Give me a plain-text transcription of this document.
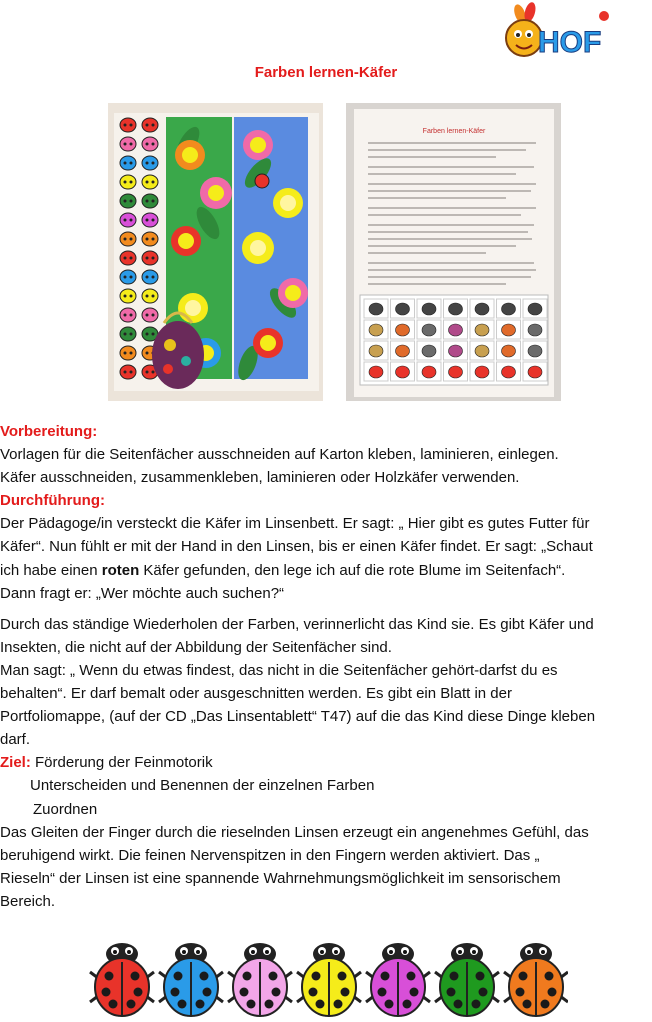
HOF
Farben lernen-Käfer
Farben lernen-Käfer

Vorbereitung:

Vorlagen für die Seitenfächer ausschneiden auf Karton kleben, laminieren, einlegen.

Käfer ausschneiden, zusammenkleben, laminieren oder Holzkäfer verwenden.

Durchführung:

Der Pädagoge/in versteckt die Käfer im Linsenbett. Er sagt: „ Hier gibt es gutes Futter für

Käfer“. Nun fühlt er mit der Hand in den Linsen, bis er einen Käfer findet. Er sagt: „Schaut

ich habe einen roten Käfer gefunden, den lege ich auf die rote Blume im Seitenfach“.

Dann fragt er: „Wer möchte auch suchen?“

Durch das ständige Wiederholen der Farben, verinnerlicht das Kind sie. Es gibt Käfer und

Insekten, die nicht auf der Abbildung der Seitenfächer sind.

Man sagt: „ Wenn du etwas findest, das nicht in die Seitenfächer gehört-darfst du es

behalten“. Er darf bemalt oder ausgeschnitten werden. Es gibt ein Blatt in der

Portfoliomappe, (auf der CD „Das Linsentablett“ T47) auf die das Kind diese Dinge kleben

darf.

Ziel: Förderung der Feinmotorik

Unterscheiden und Benennen der einzelnen Farben

Zuordnen

Das Gleiten der Finger durch die rieselnden Linsen erzeugt ein angenehmes Gefühl, das

beruhigend wirkt. Die feinen Nervenspitzen in den Fingern werden aktiviert. Das „

Rieseln“ der Linsen ist eine spannende Wahrnehmungsmöglichkeit im sensorischem

Bereich.
